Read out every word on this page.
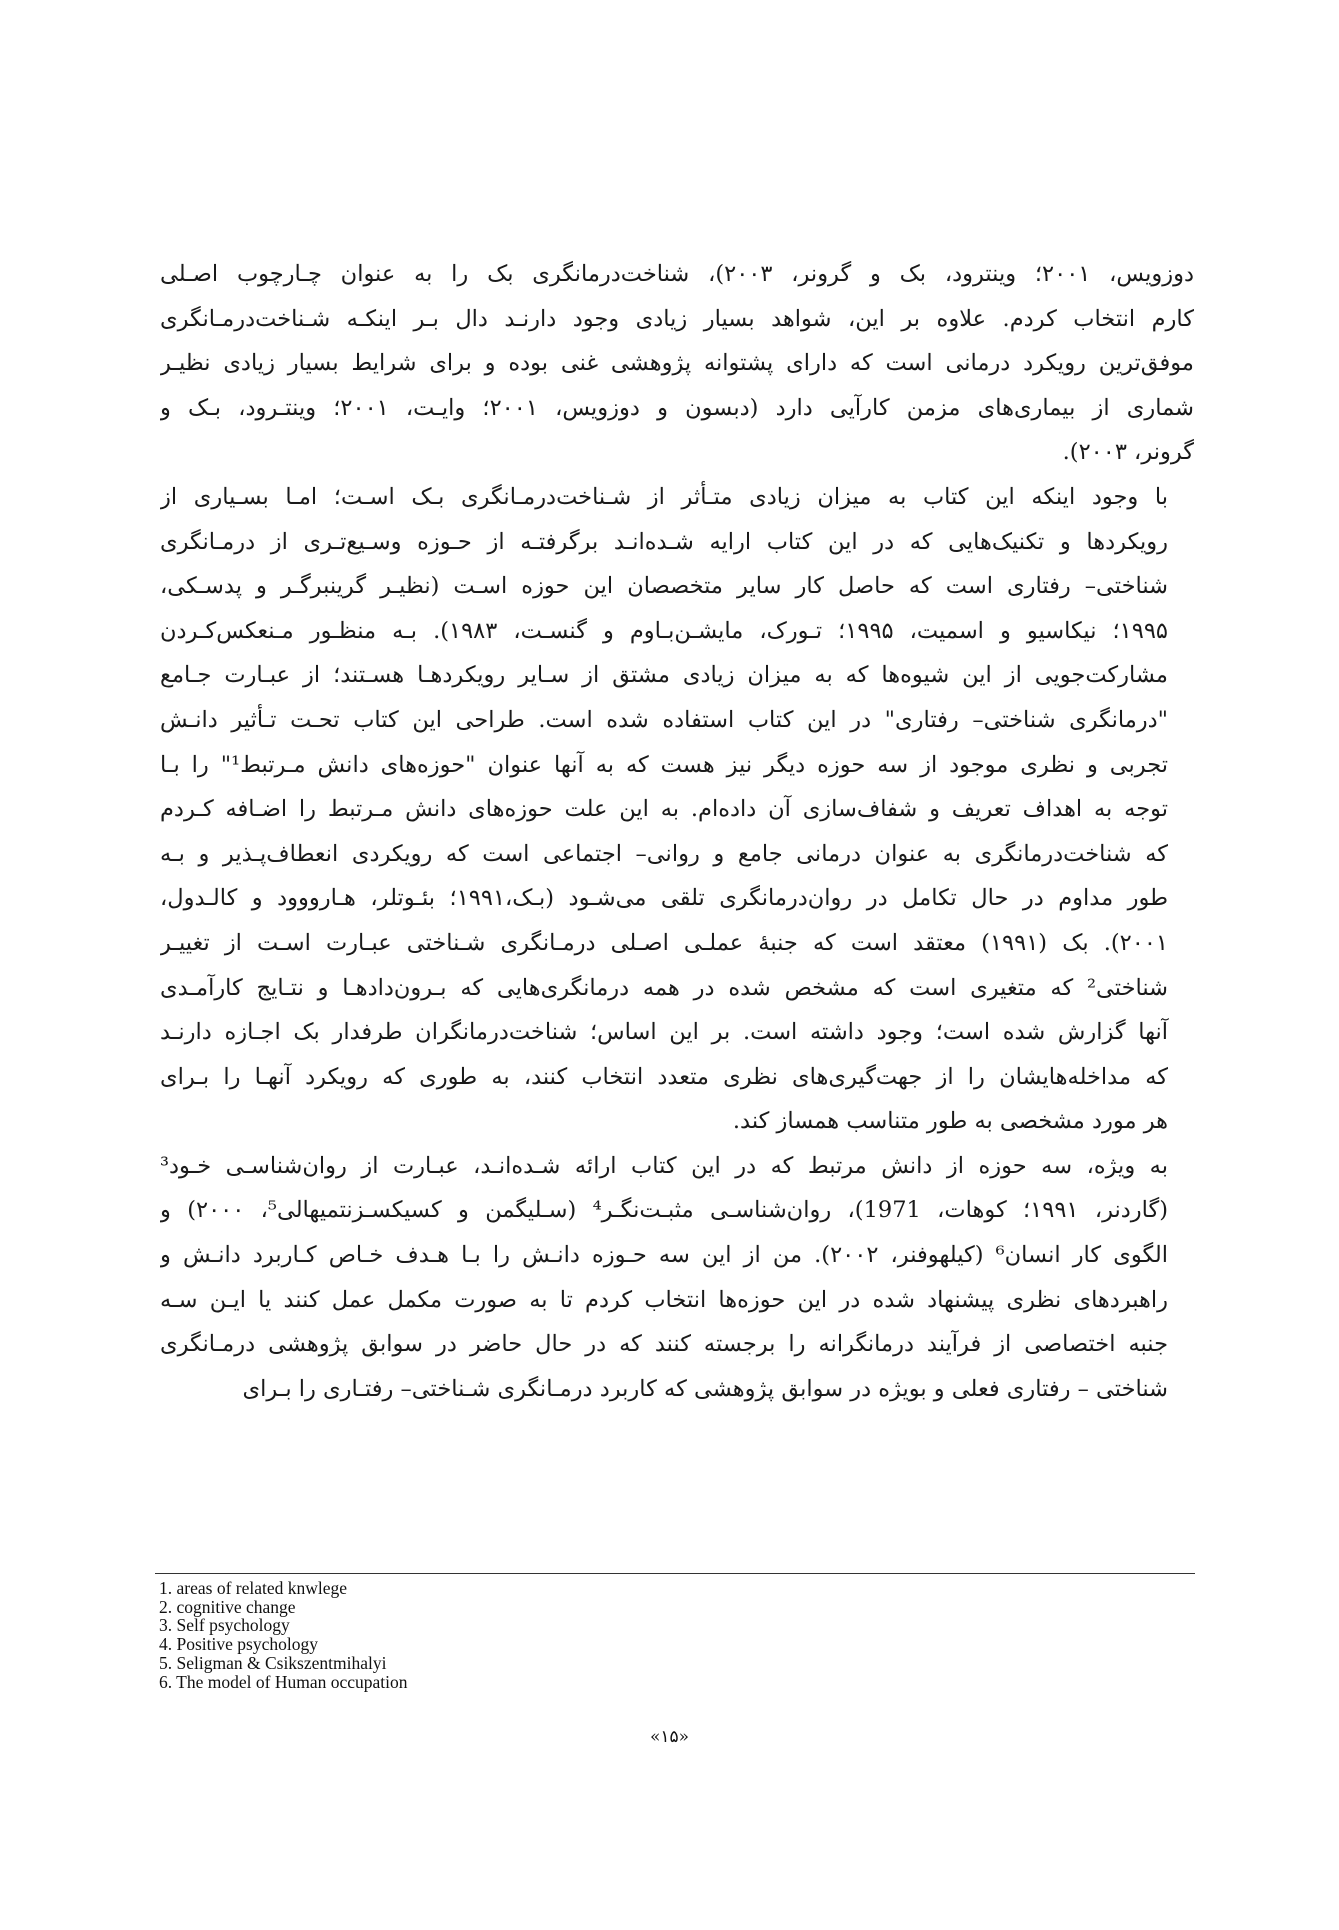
دوزویس، ۲۰۰۱؛ وینترود، بک و گرونر، ۲۰۰۳)، شناخت‌درمانگری بک را به عنوان چـارچوب اصـلی
کارم انتخاب کردم. علاوه بر این، شواهد بسیار زیادی وجود دارنـد دال بـر اینکـه شـناخت‌درمـانگری
موفق‌ترین رویکرد درمانی است که دارای پشتوانه پژوهشی غنی بوده و برای شرایط بسیار زیادی نظیـر
شماری از بیماری‌های مزمن کارآیی دارد (دبسون و دوزویس، ۲۰۰۱؛ وایـت، ۲۰۰۱؛ وینتـرود، بـک و
گرونر، ۲۰۰۳).
با وجود اینکه این کتاب به میزان زیادی متـأثر از شـناخت‌درمـانگری بـک اسـت؛ امـا بسـیاری از
رویکردها و تکنیک‌هایی که در این کتاب ارایه شـده‌انـد برگرفتـه از حـوزه وسـیع‌تـری از درمـانگری
شناختی– رفتاری است که حاصل کار سایر متخصصان این حوزه اسـت (نظیـر گرینبرگـر و پدسـکی،
۱۹۹۵؛ نیکاسیو و اسمیت، ۱۹۹۵؛ تـورک، مایشـن‌بـاوم و گنسـت، ۱۹۸۳). بـه منظـور مـنعکس‌کـردن
مشارکت‌جویی از این شیوه‌ها که به میزان زیادی مشتق از سـایر رویکردهـا هسـتند؛ از عبـارت جـامع
"درمانگری شناختی– رفتاری" در این کتاب استفاده شده است. طراحی این کتاب تحـت تـأثیر دانـش
تجربی و نظری موجود از سه حوزه دیگر نیز هست که به آنها عنوان "حوزه‌های دانش مـرتبط¹" را بـا
توجه به اهداف تعریف و شفاف‌سازی آن داده‌ام. به این علت حوزه‌های دانش مـرتبط را اضـافه کـردم
که شناخت‌درمانگری به عنوان درمانی جامع و روانی– اجتماعی است که رویکردی انعطاف‌پـذیر و بـه
طور مداوم در حال تکامل در روان‌درمانگری تلقی می‌شـود (بـک،۱۹۹۱؛ بئـوتلر، هـارووود و کالـدول،
۲۰۰۱). بک (۱۹۹۱) معتقد است که جنبهٔ عملـی اصـلی درمـانگری شـناختی عبـارت اسـت از تغییـر
شناختی² که متغیری است که مشخص شده در همه درمانگری‌هایی که بـرون‌دادهـا و نتـایج کارآمـدی
آنها گزارش شده است؛ وجود داشته است. بر این اساس؛ شناخت‌درمانگران طرفدار بک اجـازه دارنـد
که مداخله‌هایشان را از جهت‌گیری‌های نظری متعدد انتخاب کنند، به طوری که رویکرد آنهـا را بـرای
هر مورد مشخصی به طور متناسب همساز کند.
به ویژه، سه حوزه از دانش مرتبط که در این کتاب ارائه شـده‌انـد، عبـارت از روان‌شناسـی خـود³
(گاردنر، ۱۹۹۱؛ کوهات، 1971)، روان‌شناسـی مثبـت‌نگـر⁴ (سـلیگمن و کسیکسـزنتمیهالی⁵، ۲۰۰۰) و
الگوی کار انسان⁶ (کیلهوفنر، ۲۰۰۲). من از این سه حـوزه دانـش را بـا هـدف خـاص کـاربرد دانـش و
راهبردهای نظری پیشنهاد شده در این حوزه‌ها انتخاب کردم تا به صورت مکمل عمل کنند یا ایـن سـه
جنبه اختصاصی از فرآیند درمانگرانه را برجسته کنند که در حال حاضر در سوابق پژوهشی درمـانگری
شناختی – رفتاری فعلی و بویژه در سوابق پژوهشی که کاربرد درمـانگری شـناختی– رفتـاری را بـرای
1. areas of related knwlege
2. cognitive change
3. Self psychology
4. Positive psychology
5. Seligman & Csikszentmihalyi
6. The model of Human occupation
«۱۵»
